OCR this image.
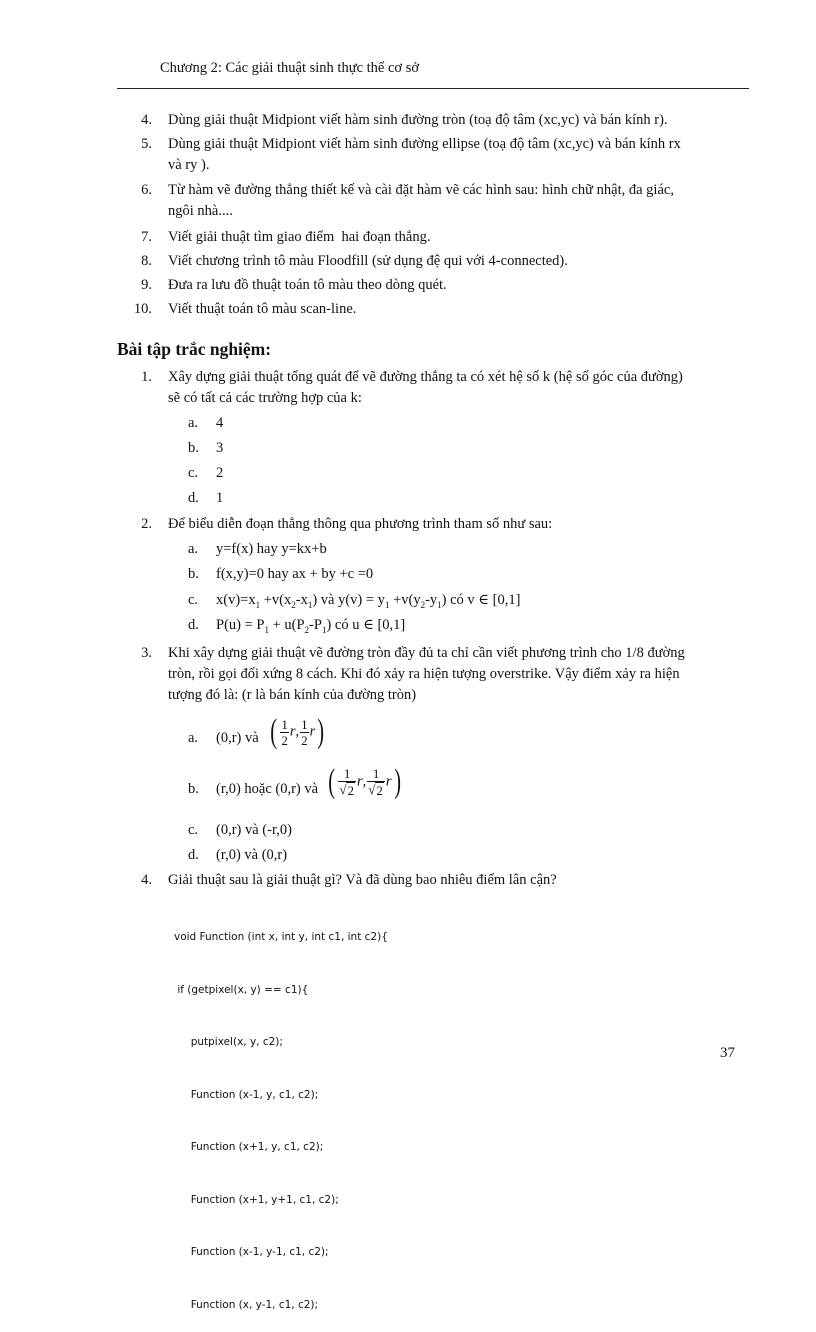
Chương 2: Các giải thuật sinh thực thể cơ sở
4. Dùng giải thuật Midpiont viết hàm sinh đường tròn (toạ độ tâm (xc,yc) và bán kính r).
5. Dùng giải thuật Midpiont viết hàm sinh đường ellipse (toạ độ tâm (xc,yc) và bán kính rx
và ry ).
6. Từ hàm vẽ đường thẳng thiết kế và cài đặt hàm vẽ các hình sau: hình chữ nhật, đa giác,
ngôi nhà....
7. Viết giải thuật tìm giao điểm  hai đoạn thẳng.
8. Viết chương trình tô màu Floodfill (sử dụng đệ qui với 4-connected).
9. Đưa ra lưu đồ thuật toán tô màu theo dòng quét.
10. Viết thuật toán tô màu scan-line.
Bài tập trắc nghiệm:
1. Xây dựng giải thuật tổng quát để vẽ đường thẳng ta có xét hệ số k (hệ số góc của đường)
sẽ có tất cả các trường hợp của k:
a. 4
b. 3
c. 2
d. 1
2. Để biểu diễn đoạn thẳng thông qua phương trình tham số như sau:
a. y=f(x) hay y=kx+b
b. f(x,y)=0 hay ax + by +c =0
c. $x(v)=x_1 +v(x_2-x_1)$ và $y(v) = y_1 +v(y_2-y_1)$ có v ∈ [0,1]
d. $P(u) = P_1 + u(P_2-P_1)$ có u ∈ [0,1]
3. Khi xây dựng giải thuật vẽ đường tròn đầy đủ ta chỉ cần viết phương trình cho 1/8 đường
tròn, rồi gọi đối xứng 8 cách. Khi đó xảy ra hiện tượng overstrike. Vậy điểm xảy ra hiện
tượng đó là: (r là bán kính của đường tròn)
a. (0,r) và ( $\frac{1}{2} r$, $\frac{1}{2} r$)
b. (r,0) hoặc (0,r) và ( $\frac{1}{√ 2} r$, $\frac{1}{√ 2} r$)
c. (0,r) và (-r,0)
d. (r,0) và (0,r)
4. Giải thuật sau là giải thuật gì? Và đã dùng bao nhiêu điểm lân cận?

void Function (int x, int y, int c1, int c2){

if (getpixel(x, y) == c1){

putpixel(x, y, c2);

Function (x-1, y, c1, c2);

Function (x+1, y, c1, c2);

Function (x+1, y+1, c1, c2);

Function (x-1, y-1, c1, c2);

Function (x, y-1, c1, c2);

37
